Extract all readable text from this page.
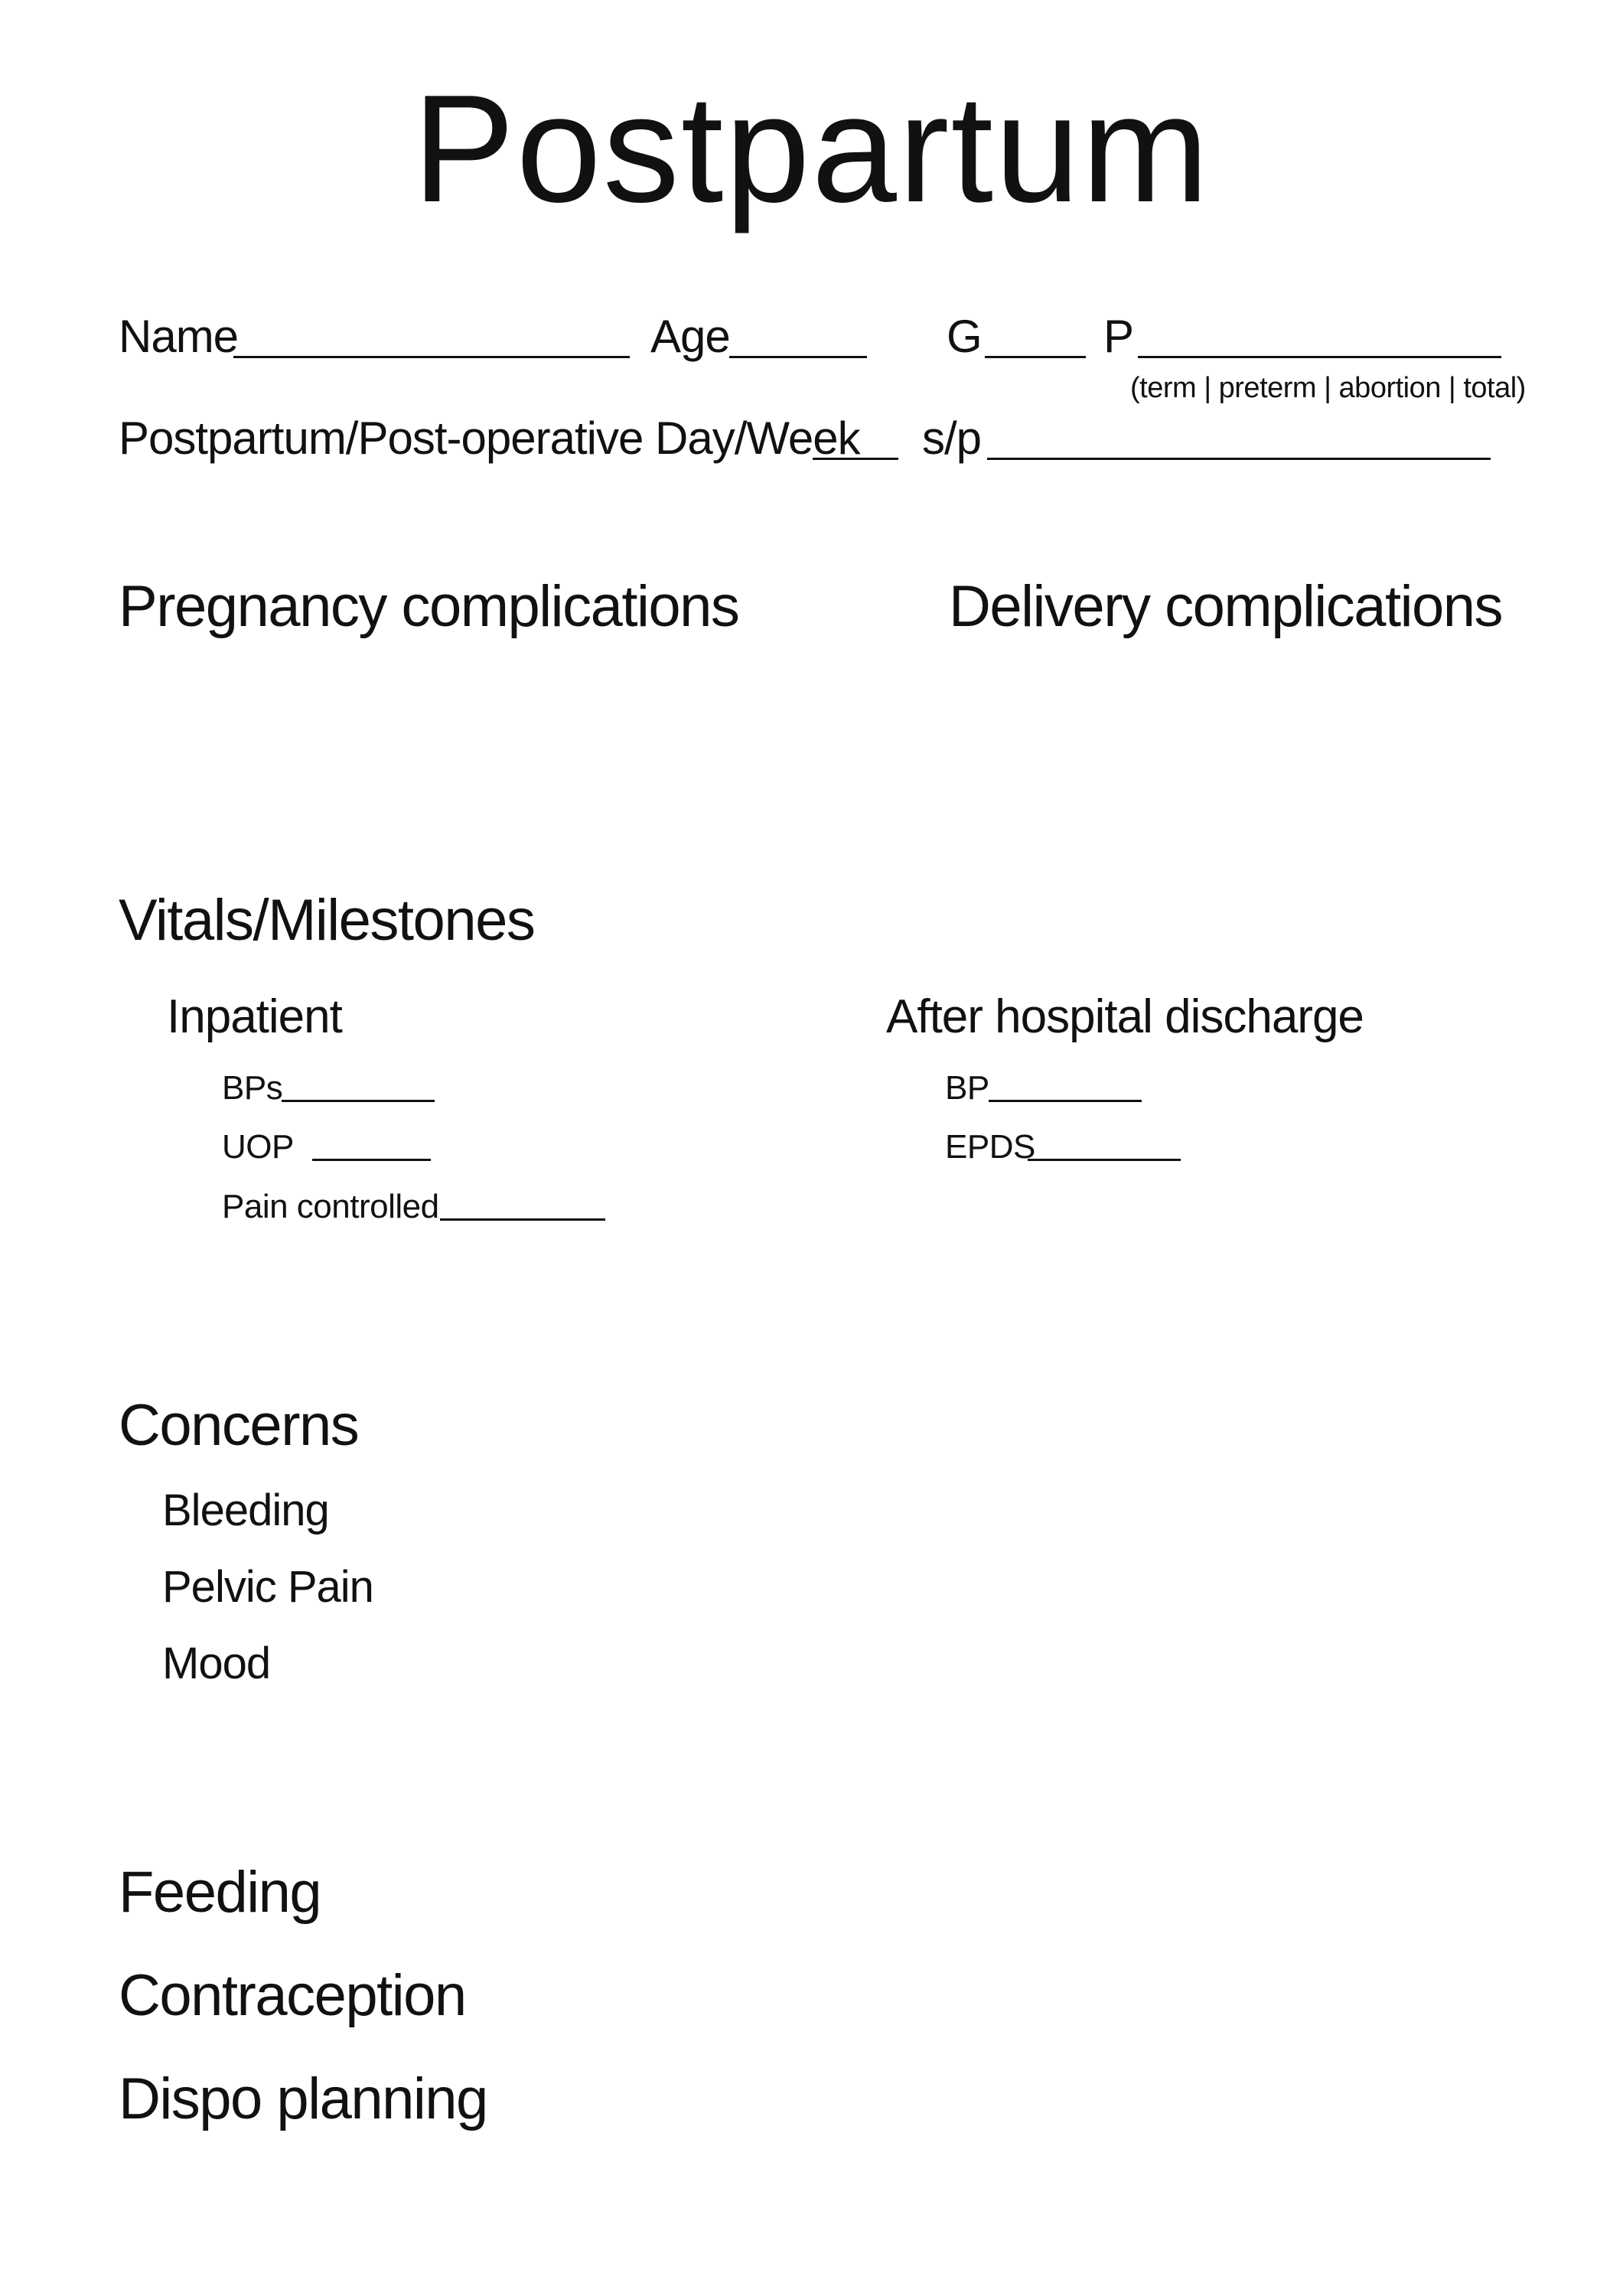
Postpartum
Name	Age	G	P
(term | preterm | abortion | total)
Postpartum/Post-operative Day/Week s/p
Pregnancy complications	Delivery complications
Vitals/Milestones
Inpatient	After hospital discharge
BPs
UOP
Pain controlled
BP
EPDS
Concerns
Bleeding
Pelvic Pain
Mood
Feeding
Contraception
Dispo planning
